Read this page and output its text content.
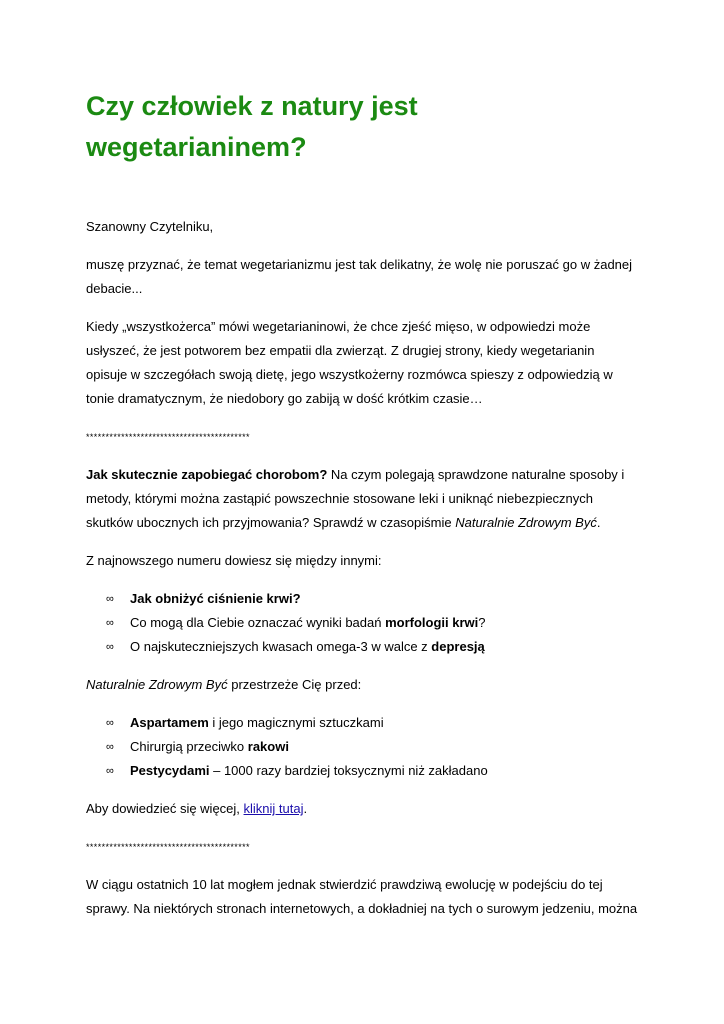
Czy człowiek z natury jest wegetarianinem?

Szanowny Czytelniku,

muszę przyznać, że temat wegetarianizmu jest tak delikatny, że wolę nie poruszać go w żadnej debacie...

Kiedy „wszystkożerca” mówi wegetarianinowi, że chce zjeść mięso, w odpowiedzi może usłyszeć, że jest potworem bez empatii dla zwierząt. Z drugiej strony, kiedy wegetarianin opisuje w szczegółach swoją dietę, jego wszystkożerny rozmówca spieszy z odpowiedzią w tonie dramatycznym, że niedobory go zabiją w dość krótkim czasie…

******************************************

Jak skutecznie zapobiegać chorobom? Na czym polegają sprawdzone naturalne sposoby i metody, którymi można zastąpić powszechnie stosowane leki i uniknąć niebezpiecznych skutków ubocznych ich przyjmowania? Sprawdź w czasopiśmie Naturalnie Zdrowym Być.

Z najnowszego numeru dowiesz się między innymi:

∞ Jak obniżyć ciśnienie krwi?
∞ Co mogą dla Ciebie oznaczać wyniki badań morfologii krwi?
∞ O najskuteczniejszych kwasach omega-3 w walce z depresją

Naturalnie Zdrowym Być przestrzeże Cię przed:

∞ Aspartamem i jego magicznymi sztuczkami
∞ Chirurgią przeciwko rakowi
∞ Pestycydami – 1000 razy bardziej toksycznymi niż zakładano

Aby dowiedzieć się więcej, kliknij tutaj.

******************************************

W ciągu ostatnich 10 lat mogłem jednak stwierdzić prawdziwą ewolucję w podejściu do tej sprawy. Na niektórych stronach internetowych, a dokładniej na tych o surowym jedzeniu, można
